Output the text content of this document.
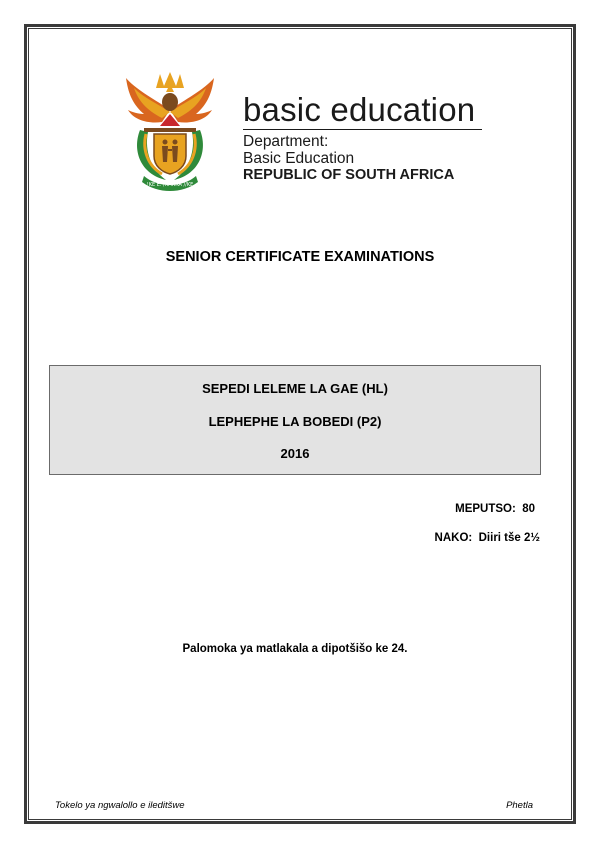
!KE E: /XARRA //KE
basic education
Department:
Basic Education
REPUBLIC OF SOUTH AFRICA
SENIOR CERTIFICATE EXAMINATIONS
SEPEDI LELEME LA GAE (HL)
LEPHEPHE LA BOBEDI (P2)
2016
MEPUTSO:  80
NAKO:  Diiri tše 2½
Palomoka ya matlakala a dipotšišo ke 24.
Tokelo ya ngwalollo e ileditšwe	Phetla
